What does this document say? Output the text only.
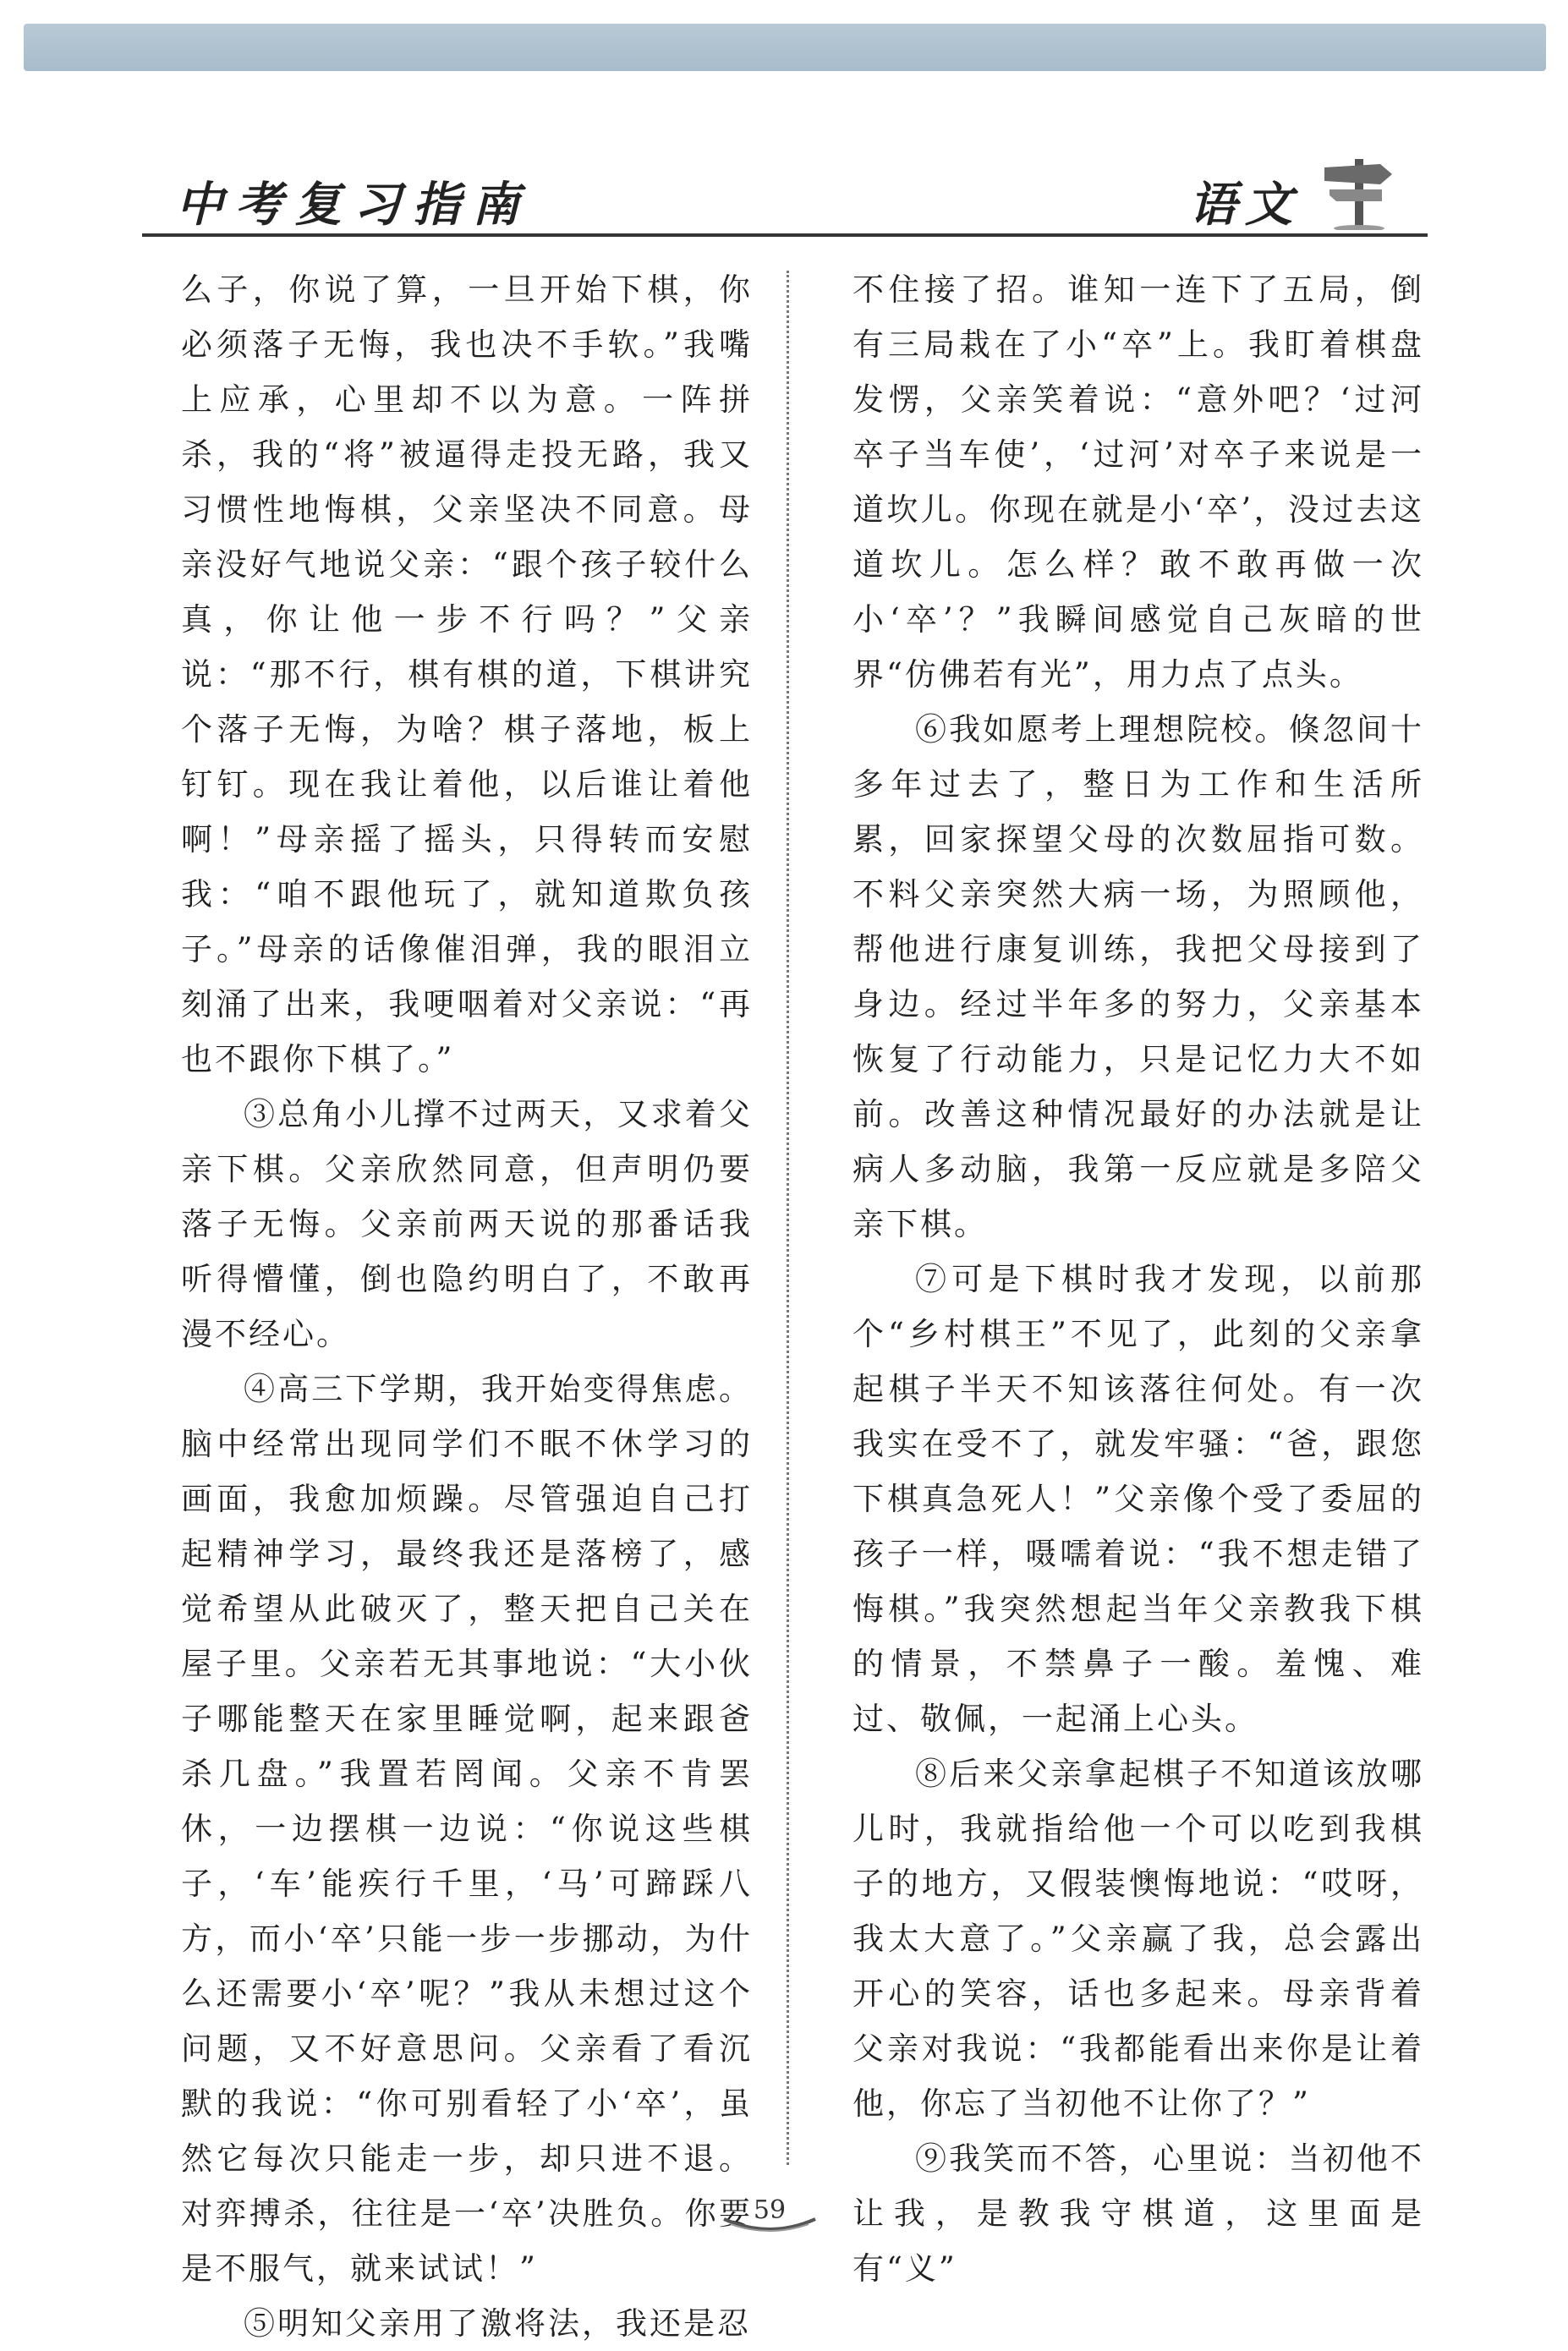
中考复习指南	语文

么子，你说了算，一旦开始下棋，你必须落子无悔，我也决不手软。”我嘴上应承，心里却不以为意。一阵拼杀，我的“将”被逼得走投无路，我又习惯性地悔棋，父亲坚决不同意。母亲没好气地说父亲：“跟个孩子较什么真，你让他一步不行吗？”父亲说：“那不行，棋有棋的道，下棋讲究个落子无悔，为啥？棋子落地，板上钉钉。现在我让着他，以后谁让着他啊！”母亲摇了摇头，只得转而安慰我：“咱不跟他玩了，就知道欺负孩子。”母亲的话像催泪弹，我的眼泪立刻涌了出来，我哽咽着对父亲说：“再也不跟你下棋了。”

③总角小儿撑不过两天，又求着父亲下棋。父亲欣然同意，但声明仍要落子无悔。父亲前两天说的那番话我听得懵懂，倒也隐约明白了，不敢再漫不经心。

④高三下学期，我开始变得焦虑。脑中经常出现同学们不眠不休学习的画面，我愈加烦躁。尽管强迫自己打起精神学习，最终我还是落榜了，感觉希望从此破灭了，整天把自己关在屋子里。父亲若无其事地说：“大小伙子哪能整天在家里睡觉啊，起来跟爸杀几盘。”我置若罔闻。父亲不肯罢休，一边摆棋一边说：“你说这些棋子，‘车’能疾行千里，‘马’可蹄踩八方，而小‘卒’只能一步一步挪动，为什么还需要小‘卒’呢？”我从未想过这个问题，又不好意思问。父亲看了看沉默的我说：“你可别看轻了小‘卒’，虽然它每次只能走一步，却只进不退。对弈搏杀，往往是一‘卒’决胜负。你要是不服气，就来试试！”

⑤明知父亲用了激将法，我还是忍

不住接了招。谁知一连下了五局，倒有三局栽在了小“卒”上。我盯着棋盘发愣，父亲笑着说：“意外吧？‘过河卒子当车使’，‘过河’对卒子来说是一道坎儿。你现在就是小‘卒’，没过去这道坎儿。怎么样？敢不敢再做一次小‘卒’？”我瞬间感觉自己灰暗的世界“仿佛若有光”，用力点了点头。

⑥我如愿考上理想院校。倏忽间十多年过去了，整日为工作和生活所累，回家探望父母的次数屈指可数。不料父亲突然大病一场，为照顾他，帮他进行康复训练，我把父母接到了身边。经过半年多的努力，父亲基本恢复了行动能力，只是记忆力大不如前。改善这种情况最好的办法就是让病人多动脑，我第一反应就是多陪父亲下棋。

⑦可是下棋时我才发现，以前那个“乡村棋王”不见了，此刻的父亲拿起棋子半天不知该落往何处。有一次我实在受不了，就发牢骚：“爸，跟您下棋真急死人！”父亲像个受了委屈的孩子一样，嗫嚅着说：“我不想走错了悔棋。”我突然想起当年父亲教我下棋的情景，不禁鼻子一酸。羞愧、难过、敬佩，一起涌上心头。

⑧后来父亲拿起棋子不知道该放哪儿时，我就指给他一个可以吃到我棋子的地方，又假装懊悔地说：“哎呀，我太大意了。”父亲赢了我，总会露出开心的笑容，话也多起来。母亲背着父亲对我说：“我都能看出来你是让着他，你忘了当初他不让你了？”

⑨我笑而不答，心里说：当初他不让我，是教我守棋道，这里面是有“义”

59
